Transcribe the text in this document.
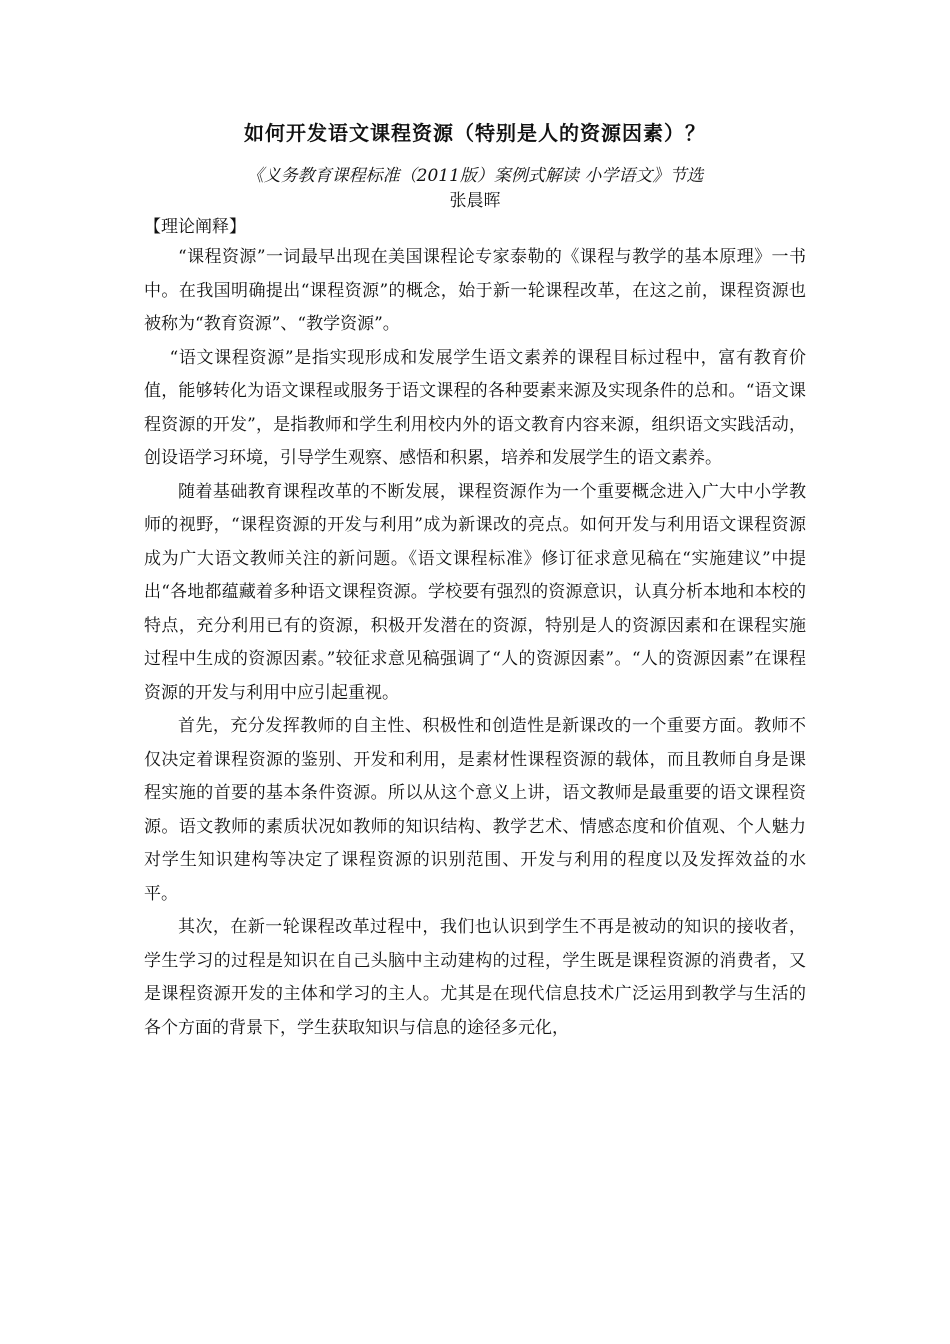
如何开发语文课程资源（特别是人的资源因素）？
《义务教育课程标准（2011版）案例式解读 小学语文》节选
张晨晖
【理论阐释】

“课程资源”一词最早出现在美国课程论专家泰勒的《课程与教学的基本原理》一书中。在我国明确提出“课程资源”的概念，始于新一轮课程改革，在这之前，课程资源也被称为“教育资源”、“教学资源”。

“语文课程资源”是指实现形成和发展学生语文素养的课程目标过程中，富有教育价值，能够转化为语文课程或服务于语文课程的各种要素来源及实现条件的总和。“语文课程资源的开发”，是指教师和学生利用校内外的语文教育内容来源，组织语文实践活动，创设语学习环境，引导学生观察、感悟和积累，培养和发展学生的语文素养。

随着基础教育课程改革的不断发展，课程资源作为一个重要概念进入广大中小学教师的视野，“课程资源的开发与利用”成为新课改的亮点。如何开发与利用语文课程资源成为广大语文教师关注的新问题。《语文课程标准》修订征求意见稿在“实施建议”中提出“各地都蕴藏着多种语文课程资源。学校要有强烈的资源意识，认真分析本地和本校的特点，充分利用已有的资源，积极开发潜在的资源，特别是人的资源因素和在课程实施过程中生成的资源因素。”较征求意见稿强调了“人的资源因素”。“人的资源因素”在课程资源的开发与利用中应引起重视。

首先，充分发挥教师的自主性、积极性和创造性是新课改的一个重要方面。教师不仅决定着课程资源的鉴别、开发和利用，是素材性课程资源的载体，而且教师自身是课程实施的首要的基本条件资源。所以从这个意义上讲，语文教师是最重要的语文课程资源。语文教师的素质状况如教师的知识结构、教学艺术、情感态度和价值观、个人魅力对学生知识建构等决定了课程资源的识别范围、开发与利用的程度以及发挥效益的水平。

其次，在新一轮课程改革过程中，我们也认识到学生不再是被动的知识的接收者，学生学习的过程是知识在自己头脑中主动建构的过程，学生既是课程资源的消费者，又是课程资源开发的主体和学习的主人。尤其是在现代信息技术广泛运用到教学与生活的各个方面的背景下，学生获取知识与信息的途径多元化，
